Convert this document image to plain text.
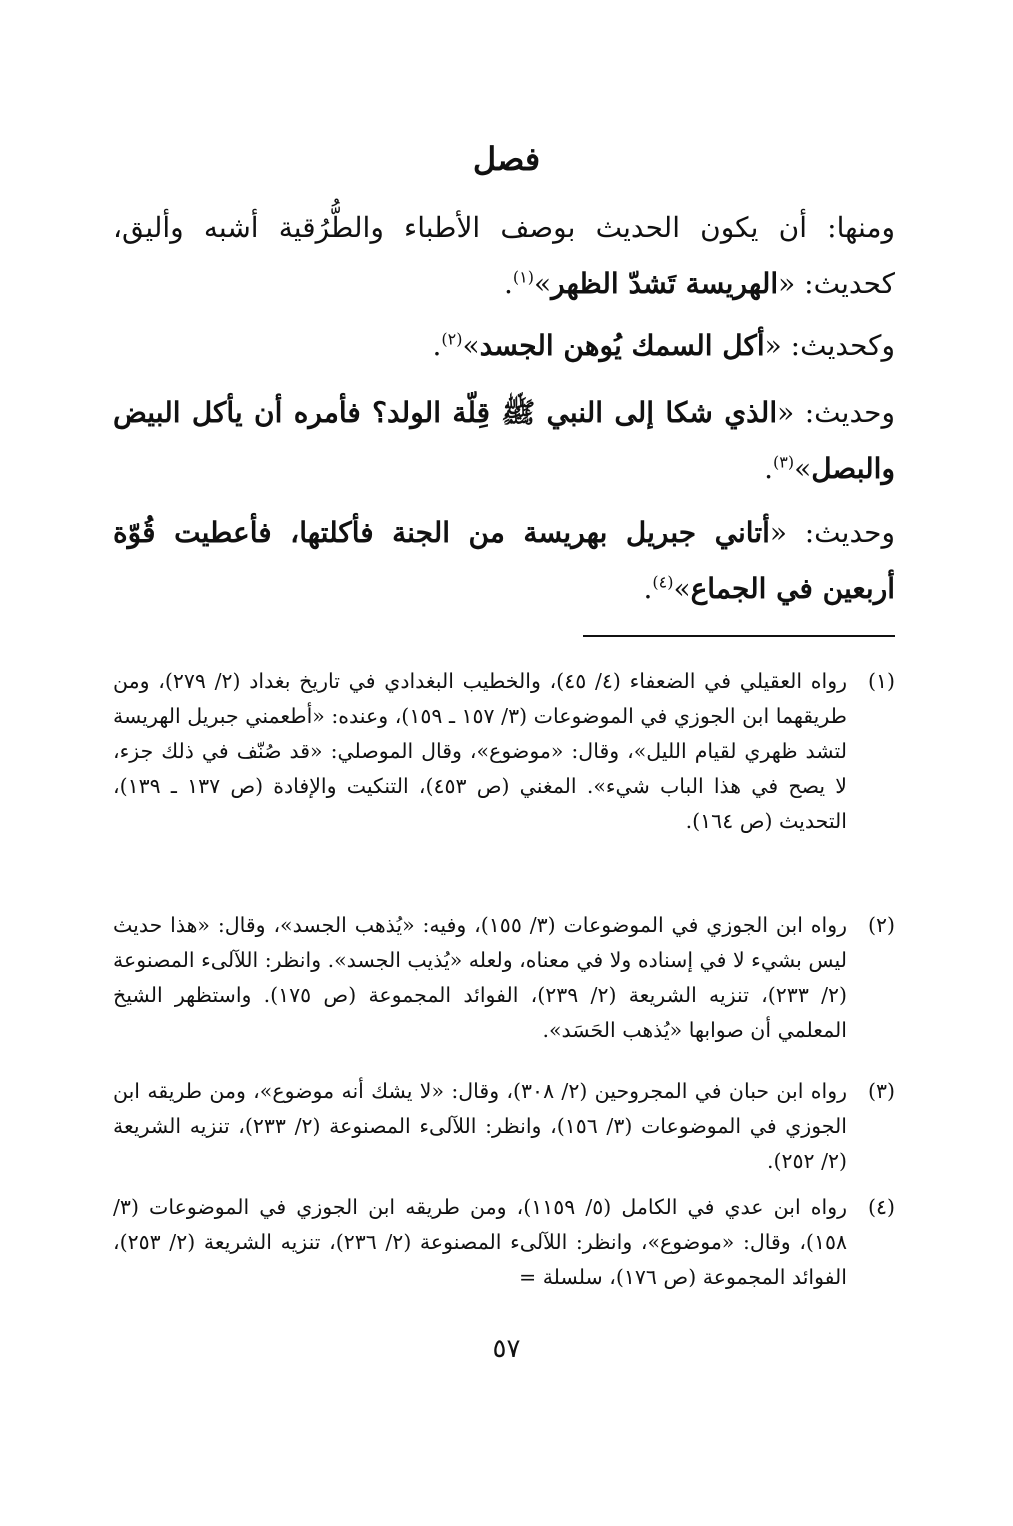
فصل

ومنها: أن يكون الحديث بوصف الأطباء والطُّرُقية أشبه وأليق، كحديث: «الهريسة تَشدّ الظهر»$^{(١)}$.

وكحديث: «أكل السمك يُوهن الجسد»$^{(٢)}$.

وحديث: «الذي شكا إلى النبي ﷺ قِلّة الولد؟ فأمره أن يأكل البيض والبصل»$^{(٣)}$.

وحديث: «أتاني جبريل بهريسة من الجنة فأكلتها، فأعطيت قُوّة أربعين في الجماع»$^{(٤)}$.

(١)
رواه العقيلي في الضعفاء (٤/ ٤٥)، والخطيب البغدادي في تاريخ بغداد (٢/ ٢٧٩)، ومن طريقهما ابن الجوزي في الموضوعات (٣/ ١٥٧ ـ ١٥٩)، وعنده: «أطعمني جبريل الهريسة لتشد ظهري لقيام الليل»، وقال: «موضوع»، وقال الموصلي: «قد صُنّف في ذلك جزء، لا يصح في هذا الباب شيء». المغني (ص ٤٥٣)، التنكيت والإفادة (ص ١٣٧ ـ ١٣٩)، التحديث (ص ١٦٤).
(٢)
رواه ابن الجوزي في الموضوعات (٣/ ١٥٥)، وفيه: «يُذهب الجسد»، وقال: «هذا حديث ليس بشيء لا في إسناده ولا في معناه، ولعله «يُذيب الجسد». وانظر: اللآلىء المصنوعة (٢/ ٢٣٣)، تنزيه الشريعة (٢/ ٢٣٩)، الفوائد المجموعة (ص ١٧٥). واستظهر الشيخ المعلمي أن صوابها «يُذهب الحَسَد».
(٣)
رواه ابن حبان في المجروحين (٢/ ٣٠٨)، وقال: «لا يشك أنه موضوع»، ومن طريقه ابن الجوزي في الموضوعات (٣/ ١٥٦)، وانظر: اللآلىء المصنوعة (٢/ ٢٣٣)، تنزيه الشريعة (٢/ ٢٥٢).
(٤)
رواه ابن عدي في الكامل (٥/ ١١٥٩)، ومن طريقه ابن الجوزي في الموضوعات (٣/ ١٥٨)، وقال: «موضوع»، وانظر: اللآلىء المصنوعة (٢/ ٢٣٦)، تنزيه الشريعة (٢/ ٢٥٣)، الفوائد المجموعة (ص ١٧٦)، سلسلة =
٥٧
